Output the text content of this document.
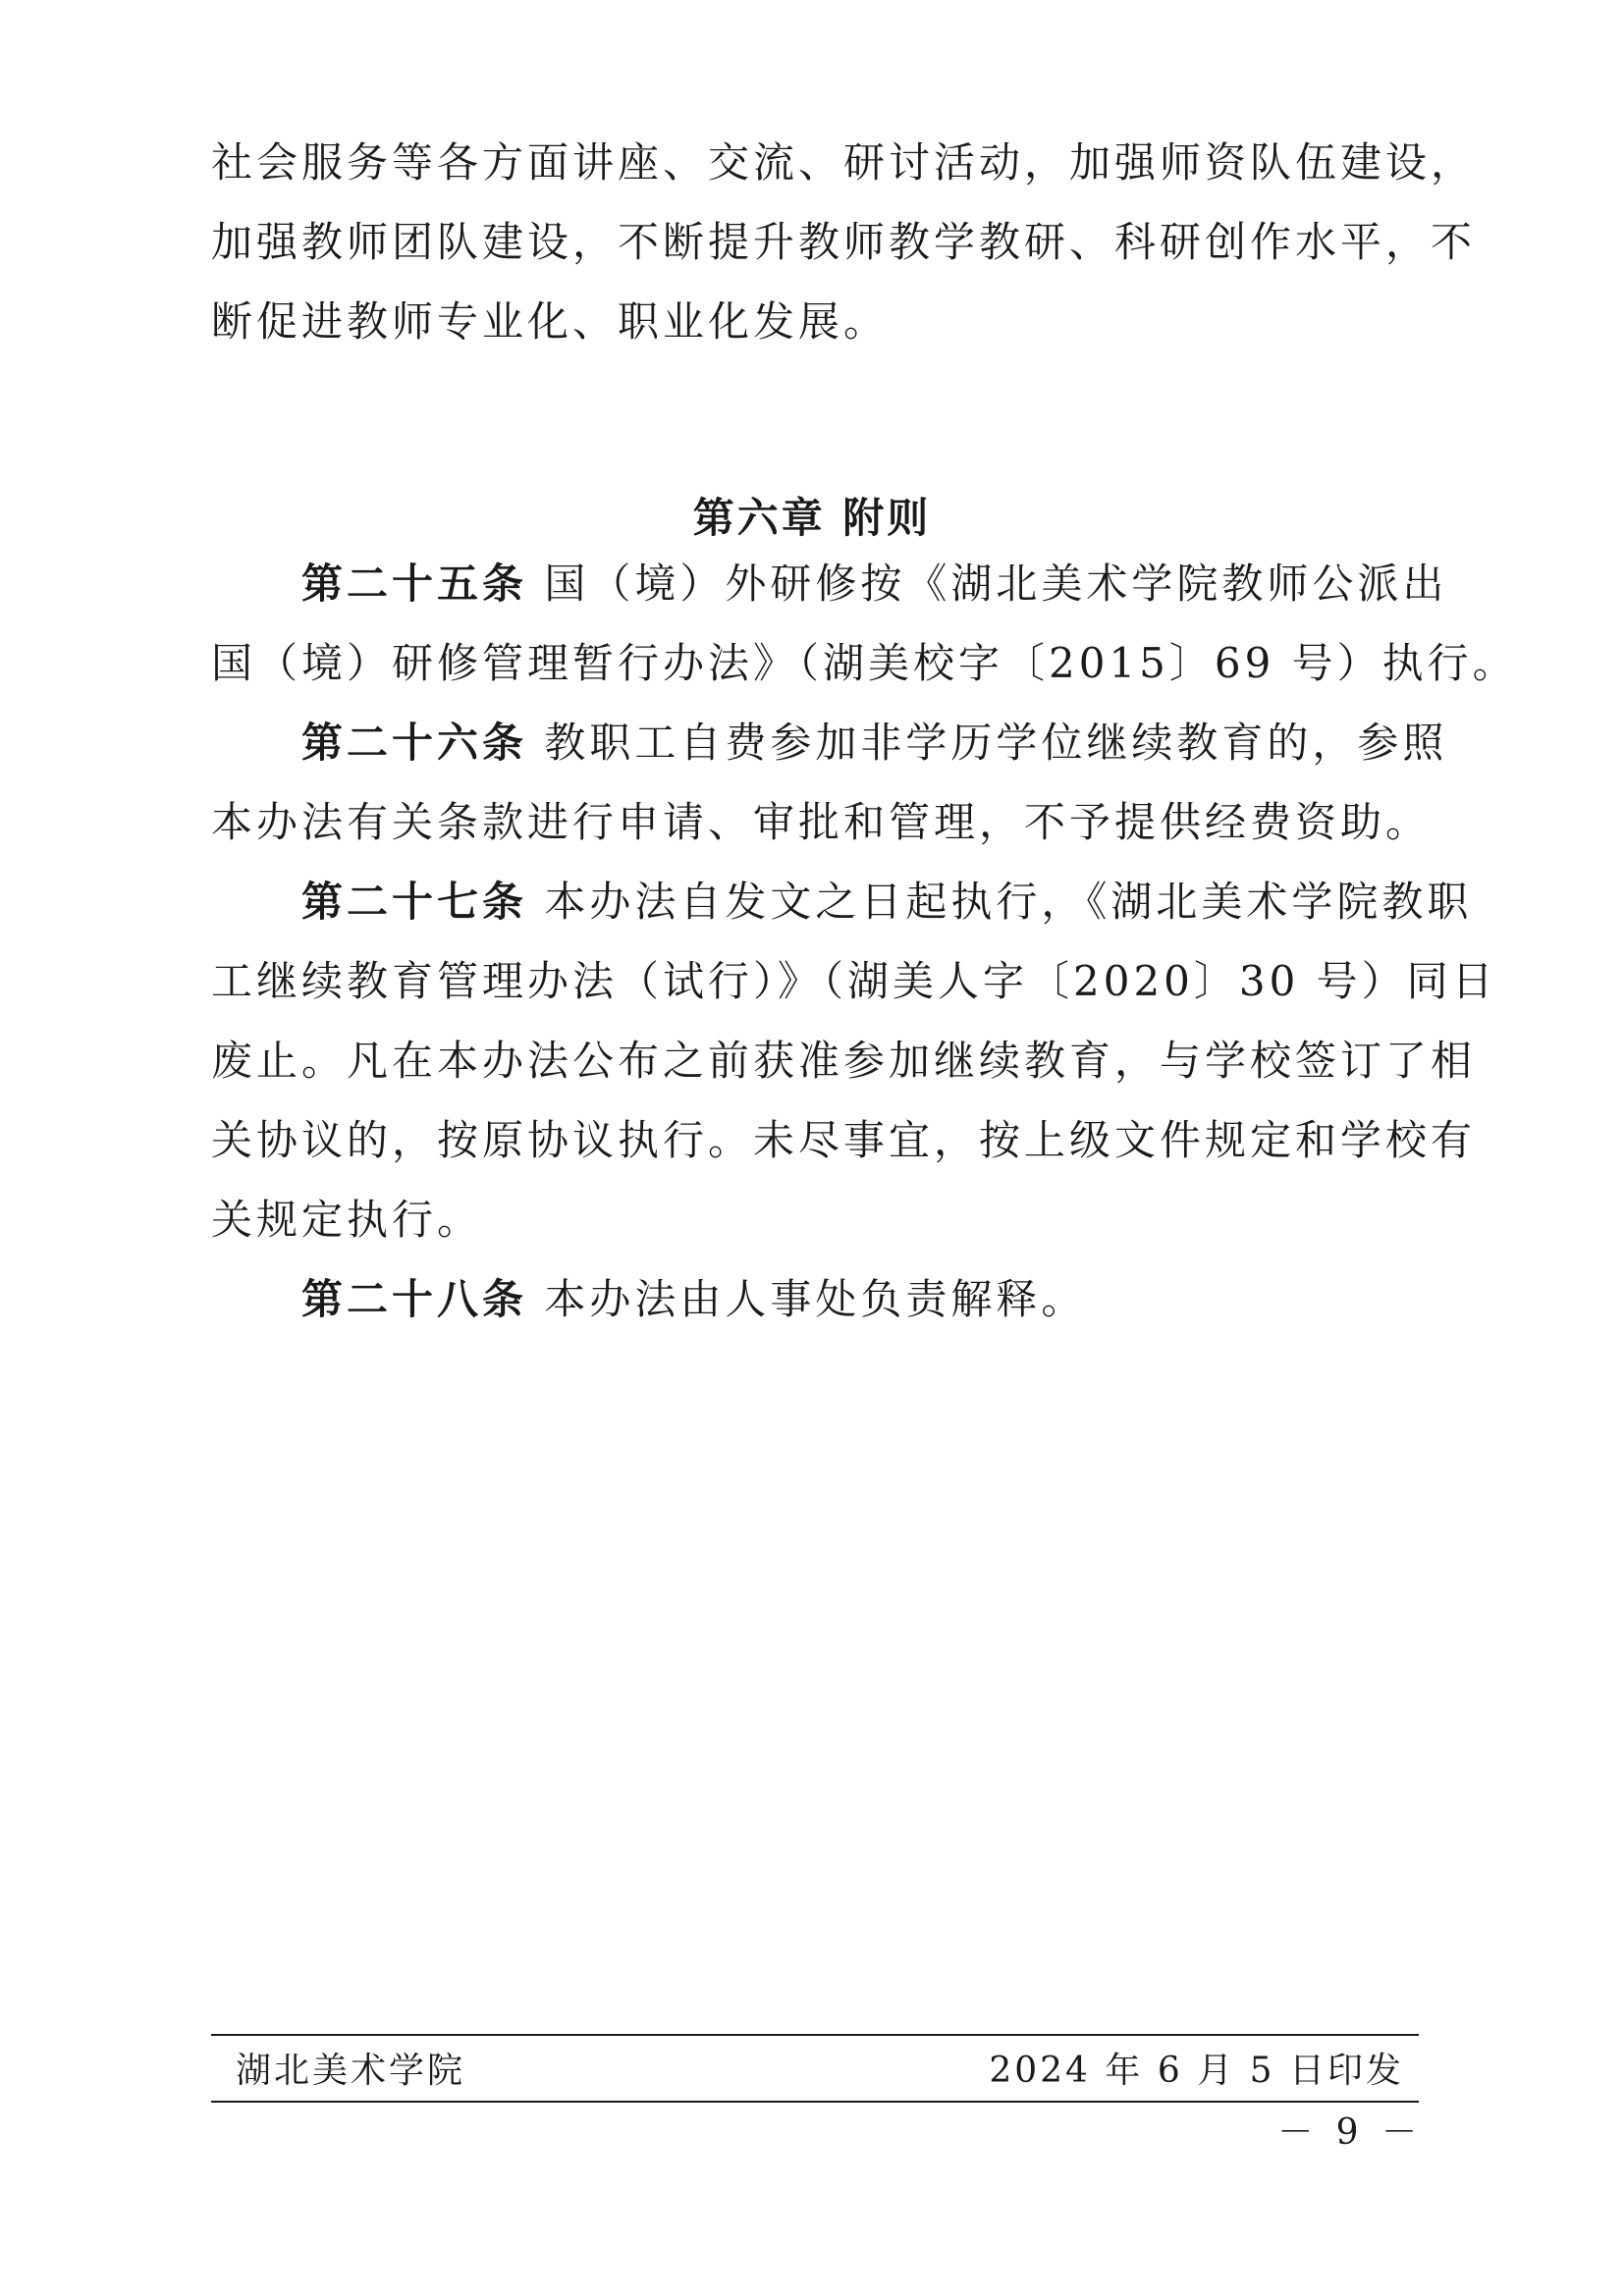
社会服务等各方面讲座、交流、研讨活动，加强师资队伍建设，
加强教师团队建设，不断提升教师教学教研、科研创作水平，不
断促进教师专业化、职业化发展。
第六章 附则
第二十五条 国（境）外研修按《湖北美术学院教师公派出
国（境）研修管理暂行办法》（湖美校字〔2015〕69 号）执行。
第二十六条 教职工自费参加非学历学位继续教育的，参照
本办法有关条款进行申请、审批和管理，不予提供经费资助。
第二十七条 本办法自发文之日起执行，《湖北美术学院教职
工继续教育管理办法（试行）》（湖美人字〔2020〕30 号）同日
废止。凡在本办法公布之前获准参加继续教育，与学校签订了相
关协议的，按原协议执行。未尽事宜，按上级文件规定和学校有
关规定执行。
第二十八条 本办法由人事处负责解释。
湖北美术学院	2024 年 6 月 5 日印发
－ 9 －
